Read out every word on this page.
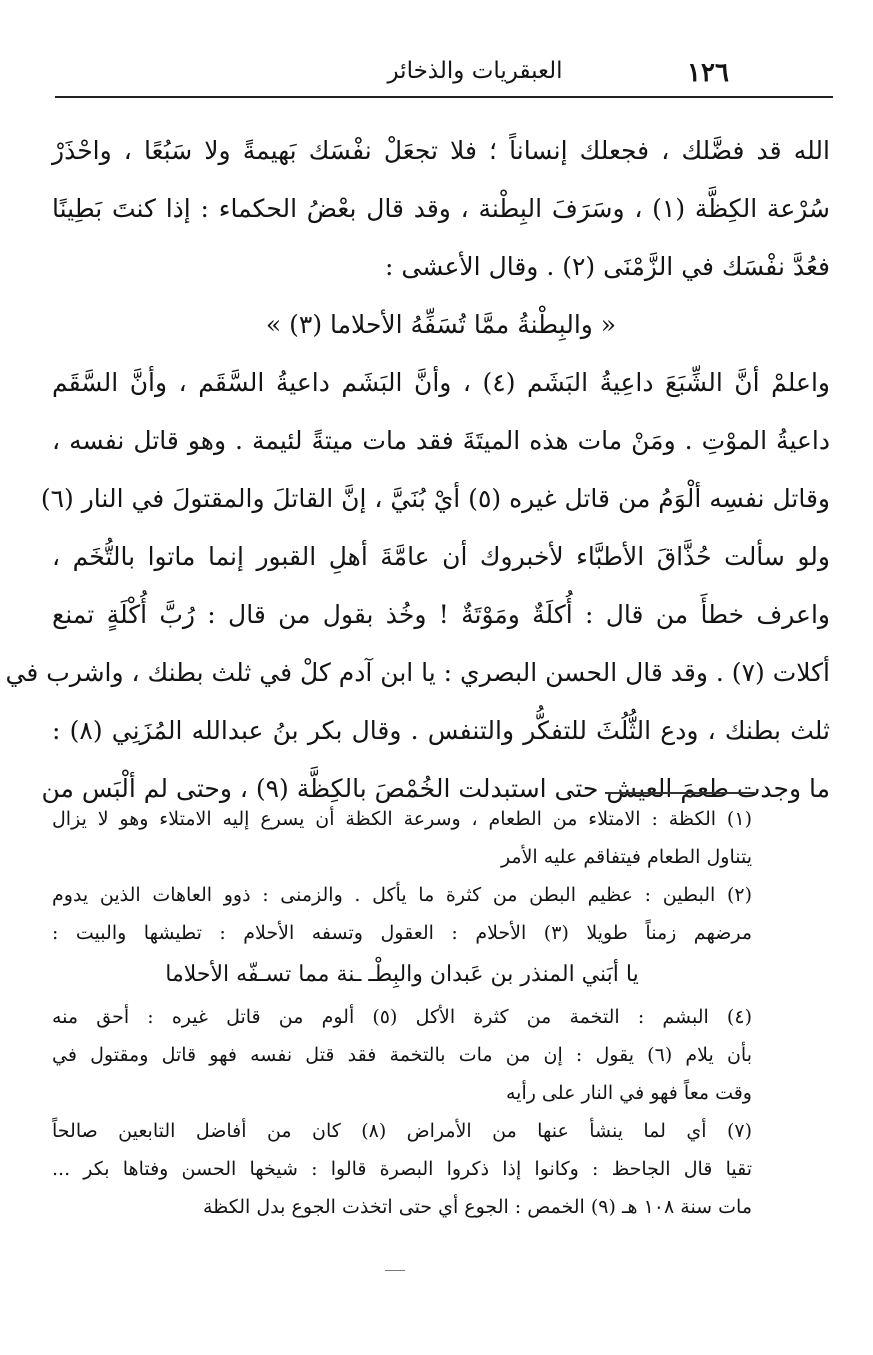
١٢٦
العبقريات والذخائر
الله قد فضَّلك ، فجعلك إنساناً ؛ فلا تجعَلْ نفْسَك بَهيمةً ولا سَبُعًا ، واحْذَرْ
سُرْعة الكِظَّة (١) ، وسَرَفَ البِطْنة ، وقد قال بعْضُ الحكماء : إذا كنتَ بَطِينًا
فعُدَّ نفْسَك في الزَّمْنَى (٢) . وقال الأعشى :
« والبِطْنةُ ممَّا تُسَفِّهُ الأحلاما (٣) »
واعلمْ أنَّ الشِّبَعَ داعِيةُ البَشَم (٤) ، وأنَّ البَشَم داعيةُ السَّقَم ، وأنَّ السَّقَم
داعيةُ الموْتِ . ومَنْ مات هذه الميتَةَ فقد مات ميتةً لئيمة . وهو قاتل نفسه ،
وقاتل نفسِه ألْوَمُ من قاتل غيره (٥) أيْ بُنَيَّ ، إنَّ القاتلَ والمقتولَ في النار (٦)
ولو سألت حُذَّاقَ الأطبَّاء لأخبروك أن عامَّةَ أهلِ القبور إنما ماتوا بالتُّخَم ،
واعرف خطأَ من قال : أُكلَةٌ ومَوْتَةٌ ! وخُذ بقول من قال : رُبَّ أُكْلَةٍ تمنع
أكلات (٧) . وقد قال الحسن البصري : يا ابن آدم كلْ في ثلث بطنك ، واشرب في
ثلث بطنك ، ودع الثُّلُثَ للتفكُّر والتنفس . وقال بكر بنُ عبدالله المُزَنِي (٨) :
ما وجدت طعمَ العيش حتى استبدلت الخُمْصَ بالكِظَّة (٩) ، وحتى لم ألْبَس من
(١) الكظة : الامتلاء من الطعام ، وسرعة الكظة أن يسرع إليه الامتلاء وهو لا يزال
يتناول الطعام فيتفاقم عليه الأمر
(٢) البطين : عظيم البطن من كثرة ما يأكل . والزمنى : ذوو العاهات الذين يدوم
مرضهم زمناً طويلا (٣) الأحلام : العقول وتسفه الأحلام : تطيشها والبيت :
يا أبَني المنذر بن عَبدان والبِطْـ ـنة مما تسـفّه الأحلاما
(٤) البشم : التخمة من كثرة الأكل (٥) ألوم من قاتل غيره : أحق منه
بأن يلام (٦) يقول : إن من مات بالتخمة فقد قتل نفسه فهو قاتل ومقتول في
وقت معاً فهو في النار على رأيه
(٧) أي لما ينشأ عنها من الأمراض (٨) كان من أفاضل التابعين صالحاً
تقيا قال الجاحظ : وكانوا إذا ذكروا البصرة قالوا : شيخها الحسن وفتاها بكر ...
مات سنة ١٠٨ هـ (٩) الخمص : الجوع أي حتى اتخذت الجوع بدل الكظة
